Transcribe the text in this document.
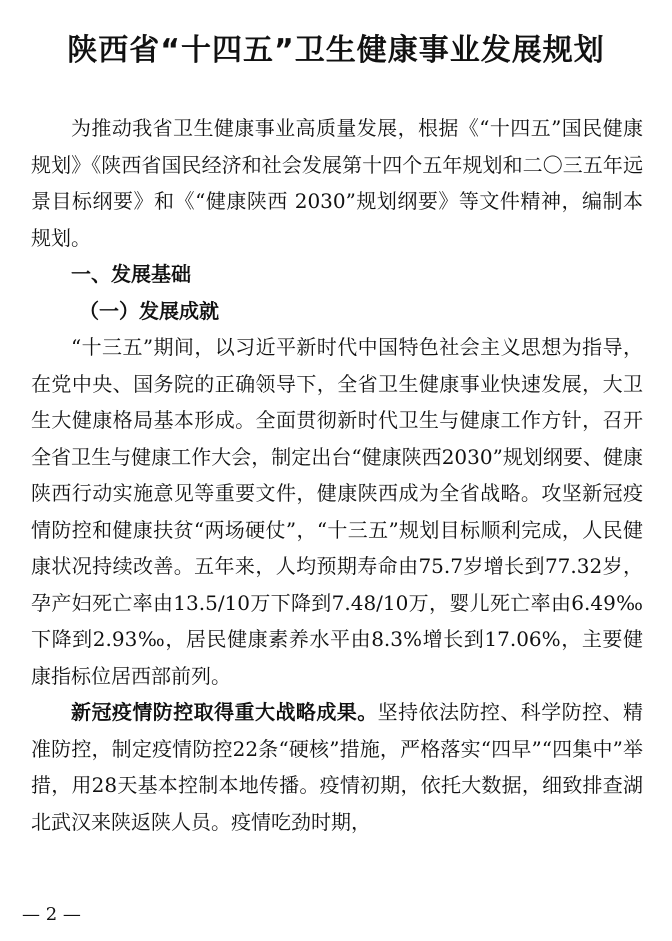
陕西省“十四五”卫生健康事业发展规划

为推动我省卫生健康事业高质量发展，根据《“十四五”国民健康规划》《陕西省国民经济和社会发展第十四个五年规划和二〇三五年远景目标纲要》和《“健康陕西 2030”规划纲要》等文件精神，编制本规划。

一、发展基础

（一）发展成就

“十三五”期间，以习近平新时代中国特色社会主义思想为指导，在党中央、国务院的正确领导下，全省卫生健康事业快速发展，大卫生大健康格局基本形成。全面贯彻新时代卫生与健康工作方针，召开全省卫生与健康工作大会，制定出台“健康陕西2030”规划纲要、健康陕西行动实施意见等重要文件，健康陕西成为全省战略。攻坚新冠疫情防控和健康扶贫“两场硬仗”，“十三五”规划目标顺利完成，人民健康状况持续改善。五年来，人均预期寿命由75.7岁增长到77.32岁，孕产妇死亡率由13.5/10万下降到7.48/10万，婴儿死亡率由6.49‰下降到2.93‰，居民健康素养水平由8.3%增长到17.06%，主要健康指标位居西部前列。

新冠疫情防控取得重大战略成果。坚持依法防控、科学防控、精准防控，制定疫情防控22条“硬核”措施，严格落实“四早”“四集中”举措，用28天基本控制本地传播。疫情初期，依托大数据，细致排查湖北武汉来陕返陕人员。疫情吃劲时期，

— 2 —
